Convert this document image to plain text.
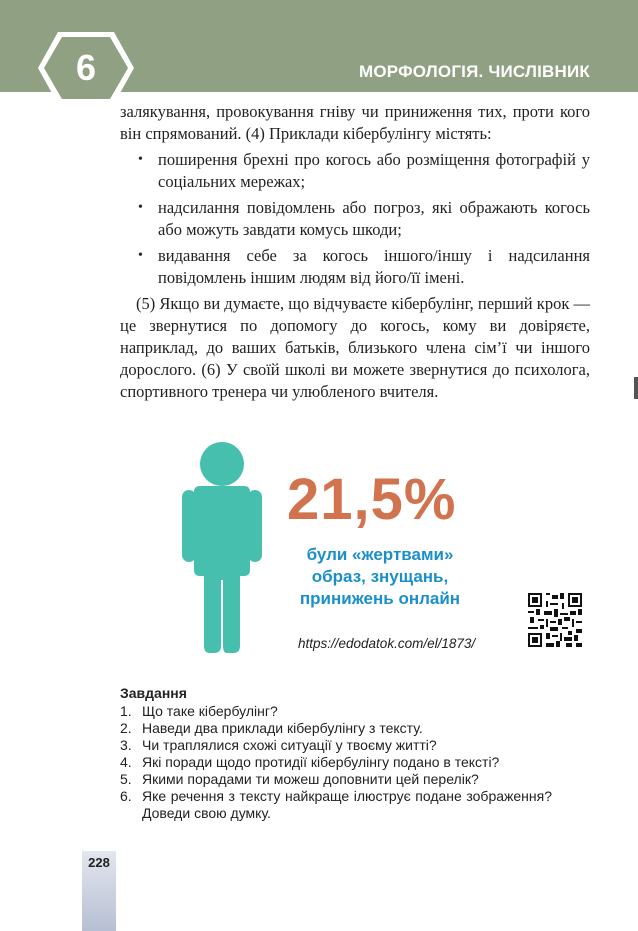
6	МОРФОЛОГІЯ. ЧИСЛІВНИК

залякування, провокування гніву чи приниження тих, проти кого він спрямований. (4) Приклади кібербулінгу містять:

• поширення брехні про когось або розміщення фотографій у соціальних мережах;
• надсилання повідомлень або погроз, які ображають когось або можуть завдати комусь шкоди;
• видавання себе за когось іншого/іншу і надсилання повідомлень іншим людям від його/її імені.

(5) Якщо ви думаєте, що відчуваєте кібербулінг, перший крок — це звернутися по допомогу до когось, кому ви довіряєте, наприклад, до ваших батьків, близького члена сім’ї чи іншого дорослого. (6) У своїй школі ви можете звернутися до психолога, спортивного тренера чи улюбленого вчителя.

21,5%
були «жертвами»
образ, знущань,
принижень онлайн
https://edodatok.com/el/1873/
Завдання
1. Що таке кібербулінг?
2. Наведи два приклади кібербулінгу з тексту.
3. Чи траплялися схожі ситуації у твоєму житті?
4. Які поради щодо протидії кібербулінгу подано в тексті?
5. Якими порадами ти можеш доповнити цей перелік?
6. Яке речення з тексту найкраще ілюструє подане зображення? Доведи свою думку.
228
